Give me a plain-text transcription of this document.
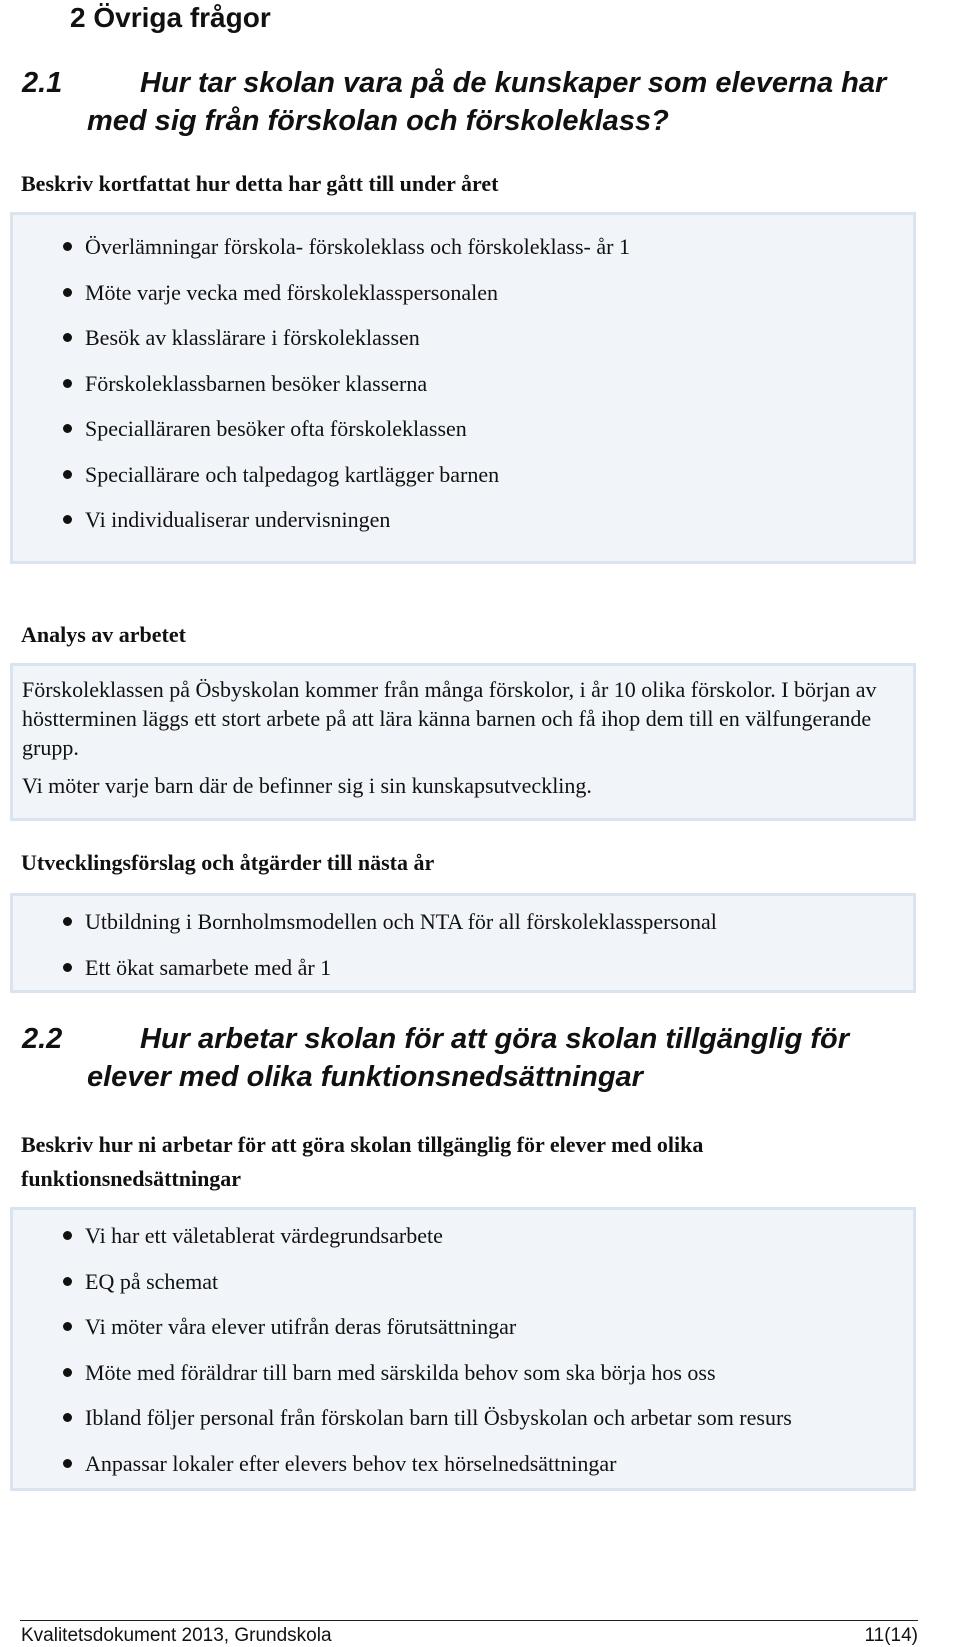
2 Övriga frågor
2.1	Hur tar skolan vara på de kunskaper som eleverna har
med sig från förskolan och förskoleklass?

Beskriv kortfattat hur detta har gått till under året

Överlämningar förskola- förskoleklass och förskoleklass- år 1
Möte varje vecka med förskoleklasspersonalen
Besök av klasslärare i förskoleklassen
Förskoleklassbarnen besöker klasserna
Specialläraren besöker ofta förskoleklassen
Speciallärare och talpedagog kartlägger barnen
Vi individualiserar undervisningen

Analys av arbetet

Förskoleklassen på Ösbyskolan kommer från många förskolor, i år 10 olika förskolor. I början av höstterminen läggs ett stort arbete på att lära känna barnen och få ihop dem till en välfungerande grupp.

Vi möter varje barn där de befinner sig i sin kunskapsutveckling.

Utvecklingsförslag och åtgärder till nästa år

Utbildning i Bornholmsmodellen och NTA för all förskoleklasspersonal
Ett ökat samarbete med år 1
2.2	Hur arbetar skolan för att göra skolan tillgänglig för
elever med olika funktionsnedsättningar

Beskriv hur ni arbetar för att göra skolan tillgänglig för elever med olika funktionsnedsättningar

Vi har ett väletablerat värdegrundsarbete
EQ på schemat
Vi möter våra elever utifrån deras förutsättningar
Möte med föräldrar till barn med särskilda behov som ska börja hos oss
Ibland följer personal från förskolan barn till Ösbyskolan och arbetar som resurs
Anpassar lokaler efter elevers behov tex hörselnedsättningar
Kvalitetsdokument 2013, Grundskola	11(14)
